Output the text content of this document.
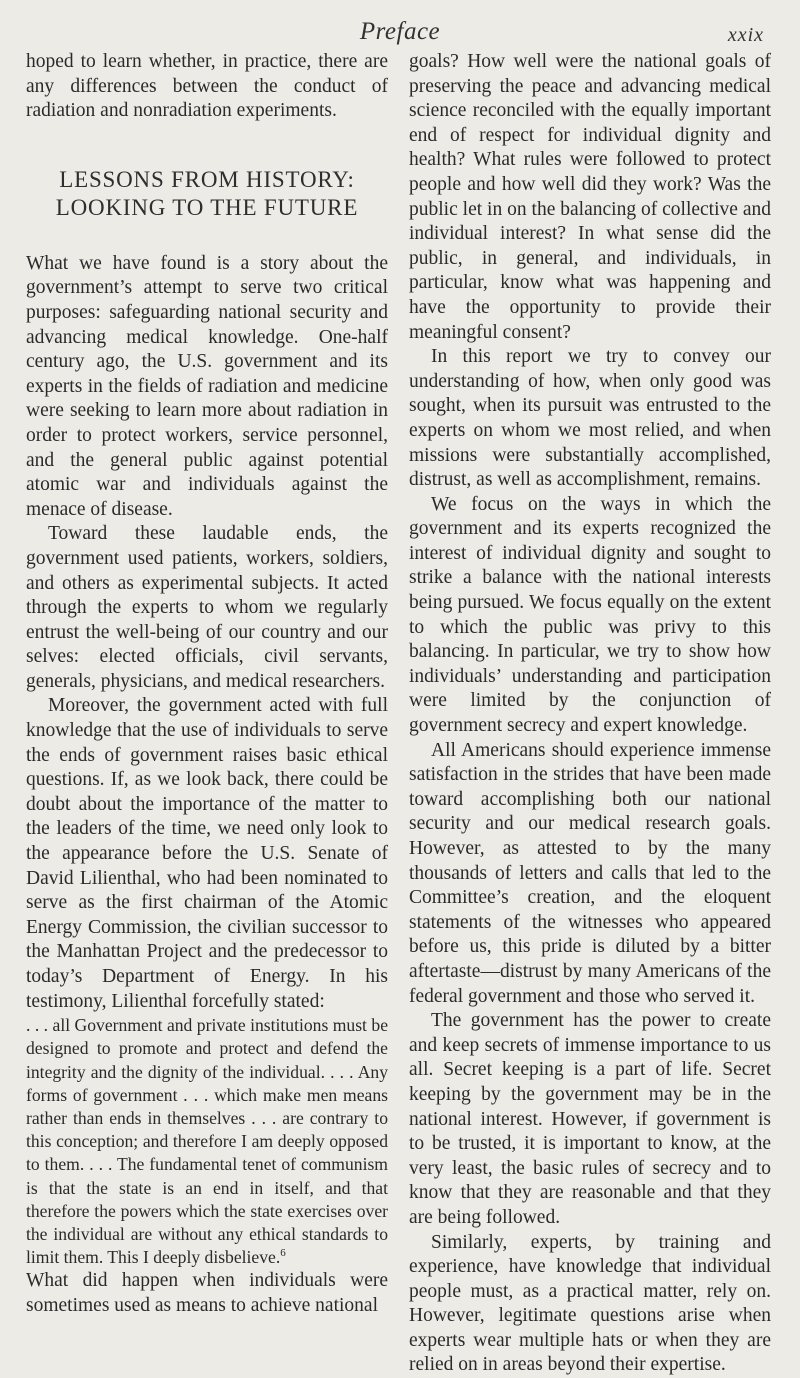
Preface	xxix

hoped to learn whether, in practice, there are any differences between the conduct of radiation and nonradiation experiments.

LESSONS FROM HISTORY:
LOOKING TO THE FUTURE

What we have found is a story about the government’s attempt to serve two critical purposes: safeguarding national security and advancing medical knowledge. One-half century ago, the U.S. government and its experts in the fields of radiation and medicine were seeking to learn more about radiation in order to protect workers, service personnel, and the general public against potential atomic war and individuals against the menace of disease.

Toward these laudable ends, the government used patients, workers, soldiers, and others as experimental subjects. It acted through the experts to whom we regularly entrust the well-being of our country and our selves: elected officials, civil servants, generals, physicians, and medical researchers.

Moreover, the government acted with full knowledge that the use of individuals to serve the ends of government raises basic ethical questions. If, as we look back, there could be doubt about the importance of the matter to the leaders of the time, we need only look to the appearance before the U.S. Senate of David Lilienthal, who had been nominated to serve as the first chairman of the Atomic Energy Commission, the civilian successor to the Manhattan Project and the predecessor to today’s Department of Energy. In his testimony, Lilienthal forcefully stated:

. . . all Government and private institutions must be designed to promote and protect and defend the integrity and the dignity of the individual. . . . Any forms of government . . . which make men means rather than ends in themselves . . . are contrary to this conception; and therefore I am deeply opposed to them. . . . The fundamental tenet of communism is that the state is an end in itself, and that therefore the powers which the state exercises over the individual are without any ethical standards to limit them. This I deeply disbelieve.$^6$

What did happen when individuals were sometimes used as means to achieve national

goals? How well were the national goals of preserving the peace and advancing medical science reconciled with the equally important end of respect for individual dignity and health? What rules were followed to protect people and how well did they work? Was the public let in on the balancing of collective and individual interest? In what sense did the public, in general, and individuals, in particular, know what was happening and have the opportunity to provide their meaningful consent?

In this report we try to convey our understanding of how, when only good was sought, when its pursuit was entrusted to the experts on whom we most relied, and when missions were substantially accomplished, distrust, as well as accomplishment, remains.

We focus on the ways in which the government and its experts recognized the interest of individual dignity and sought to strike a balance with the national interests being pursued. We focus equally on the extent to which the public was privy to this balancing. In particular, we try to show how individuals’ understanding and participation were limited by the conjunction of government secrecy and expert knowledge.

All Americans should experience immense satisfaction in the strides that have been made toward accomplishing both our national security and our medical research goals. However, as attested to by the many thousands of letters and calls that led to the Committee’s creation, and the eloquent statements of the witnesses who appeared before us, this pride is diluted by a bitter aftertaste—distrust by many Americans of the federal government and those who served it.

The government has the power to create and keep secrets of immense importance to us all. Secret keeping is a part of life. Secret keeping by the government may be in the national interest. However, if government is to be trusted, it is important to know, at the very least, the basic rules of secrecy and to know that they are reasonable and that they are being followed.

Similarly, experts, by training and experience, have knowledge that individual people must, as a practical matter, rely on. However, legitimate questions arise when experts wear multiple hats or when they are relied on in areas beyond their expertise.
